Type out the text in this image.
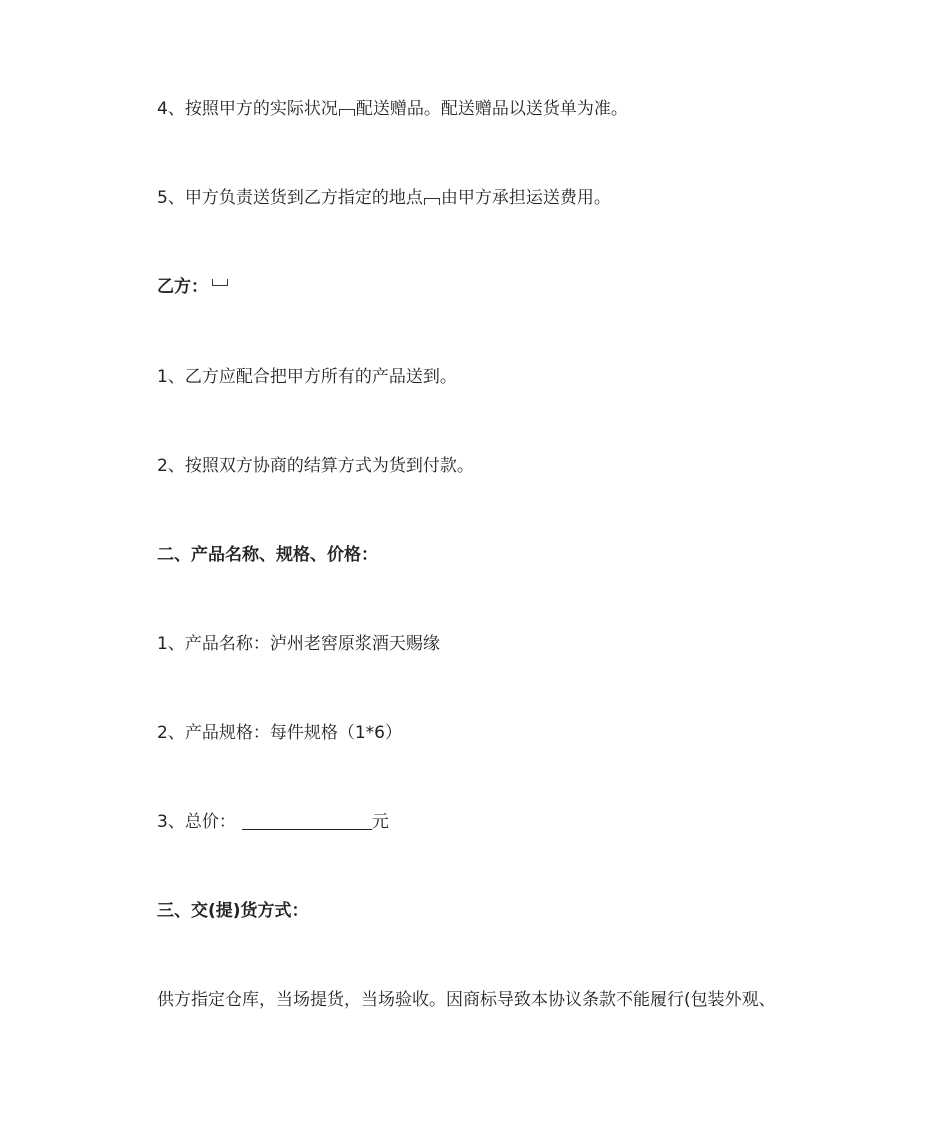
4、按照甲方的实际状况 配送赠品。配送赠品以送货单为准。
5、甲方负责送货到乙方指定的地点 由甲方承担运送费用。
乙方：
1、乙方应配合把甲方所有的产品送到。
2、按照双方协商的结算方式为货到付款。
二、产品名称、规格、价格：
1、产品名称：泸州老窖原浆酒天赐缘
2、产品规格：每件规格（1*6）
3、总价：	元
三、交(提)货方式：
供方指定仓库，当场提货，当场验收。因商标导致本协议条款不能履行(包装外观、
